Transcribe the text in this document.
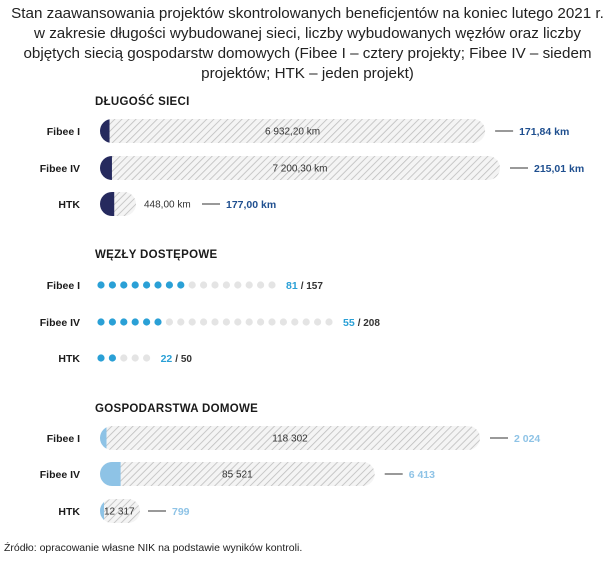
Stan zaawansowania projektów skontrolowanych beneficjentów na koniec lutego 2021 r.
w zakresie długości wybudowanej sieci, liczby wybudowanych węzłów oraz liczby
objętych siecią gospodarstw domowych (Fibee I – cztery projekty; Fibee IV – siedem
projektów; HTK – jeden projekt)
DŁUGOŚĆ SIECI
Fibee I
Fibee IV
HTK
6 932,20 km
7 200,30 km
448,00 km
171,84 km
215,01 km
177,00 km
WĘZŁY DOSTĘPOWE
Fibee I
Fibee IV
HTK
81 / 157
55 / 208
22 / 50
GOSPODARSTWA DOMOWE
Fibee I
Fibee IV
HTK
118 302
85 521
12 317
2 024
6 413
799
Źródło: opracowanie własne NIK na podstawie wyników kontroli.
